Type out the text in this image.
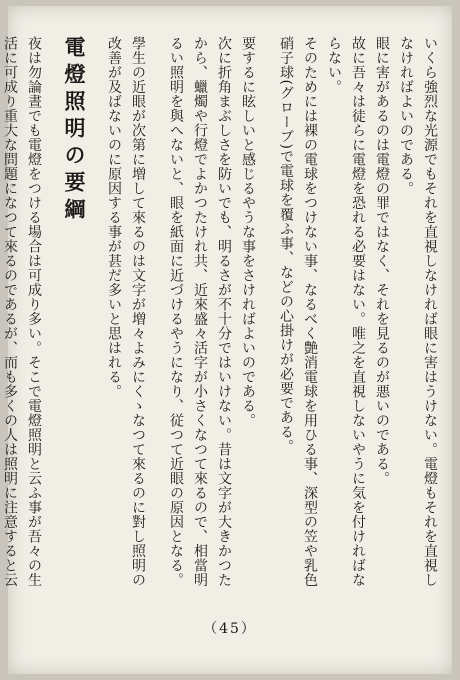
いくら強烈な光源でもそれを直視しなければ眼に害はうけない。電燈もそれを直視しなければよいのである。

眼に害があるのは電燈の罪ではなく、それを見るのが悪いのである。

故に吾々は徒らに電燈を恐れる必要はない。唯之を直視しないやうに気を付ければならない。

そのためには裸の電球をつけない事、なるべく艶消電球を用ひる事、深型の笠や乳色硝子球(グローブ)で電球を覆ふ事、などの心掛けが必要である。

要するに眩しいと感じるやうな事をさければよいのである。

次に折角まぶしさを防いでも、明るさが不十分ではいけない。昔は文字が大きかつたから、蠟燭や行燈でよかつたけれ共、近來盛々活字が小さくなつて來るので、相當明るい照明を與へないと、眼を紙面に近づけるやうになり、従つて近眼の原因となる。

學生の近眼が次第に増して來るのは文字が増々よみにくゝなつて來るのに對し照明の改善が及ばないのに原因する事が甚だ多いと思はれる。

電燈照明の要綱

夜は勿論晝でも電燈をつける場合は可成り多い。そこで電燈照明と云ふ事が吾々の生活に可成り重大な問題になつて來るのであるが、而も多くの人は照明に注意すると云

（45）
